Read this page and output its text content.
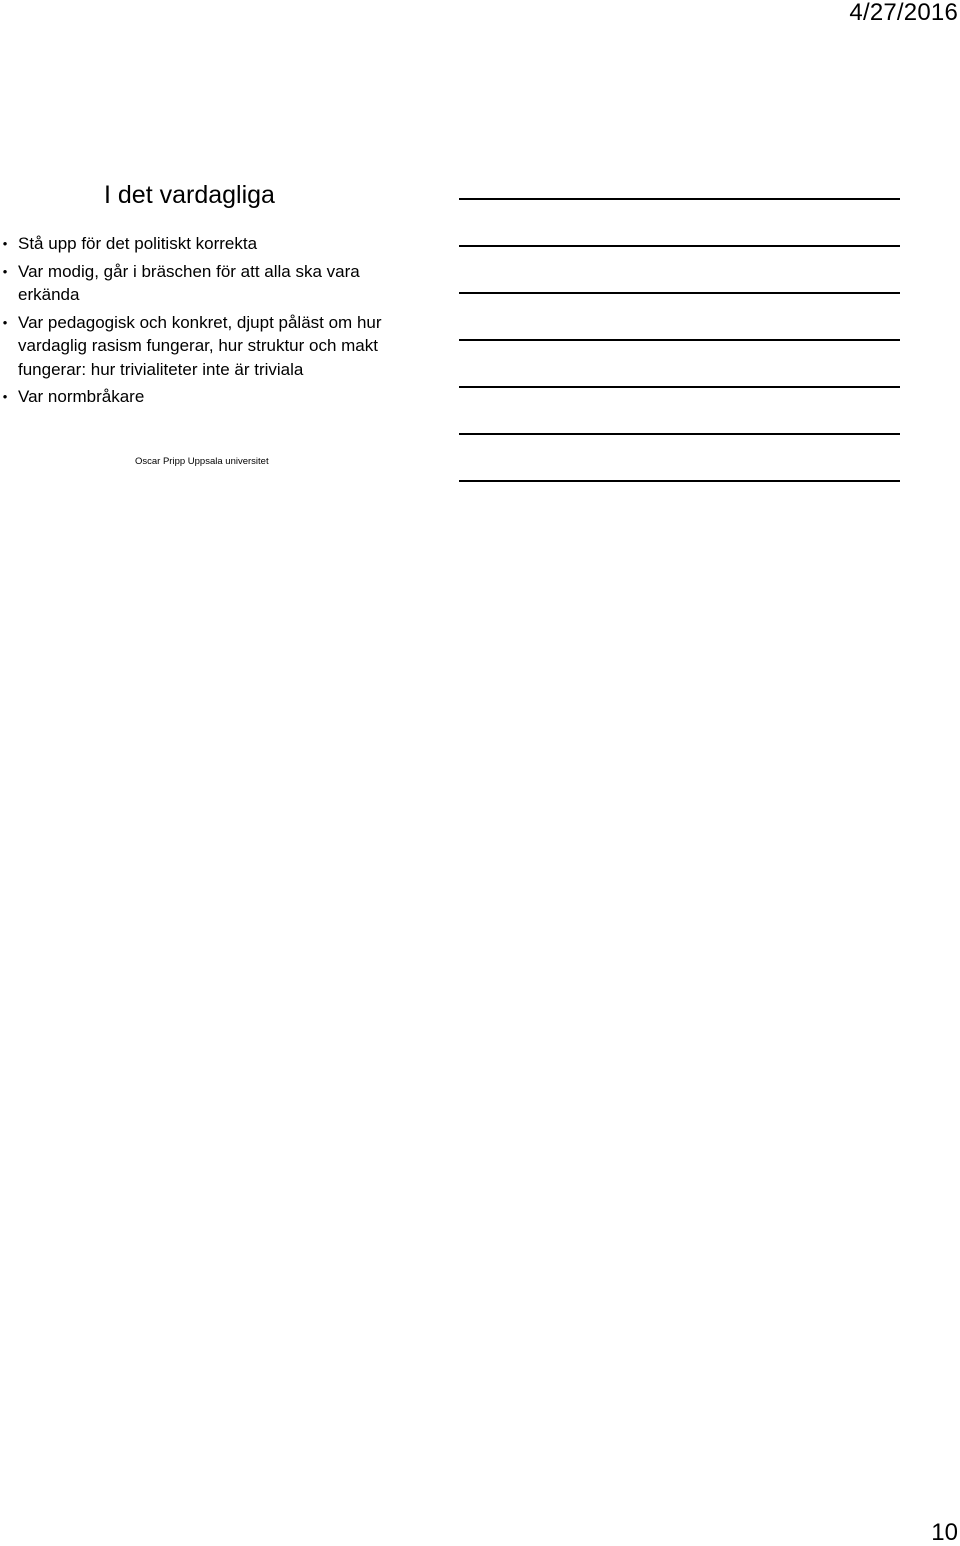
4/27/2016
I det vardagliga
• Stå upp för det politiskt korrekta
• Var modig, går i bräschen för att alla ska vara erkända
• Var pedagogisk och konkret, djupt påläst om hur vardaglig rasism fungerar, hur struktur och makt fungerar: hur trivialiteter inte är triviala
• Var normbråkare
Oscar Pripp Uppsala universitet
10
